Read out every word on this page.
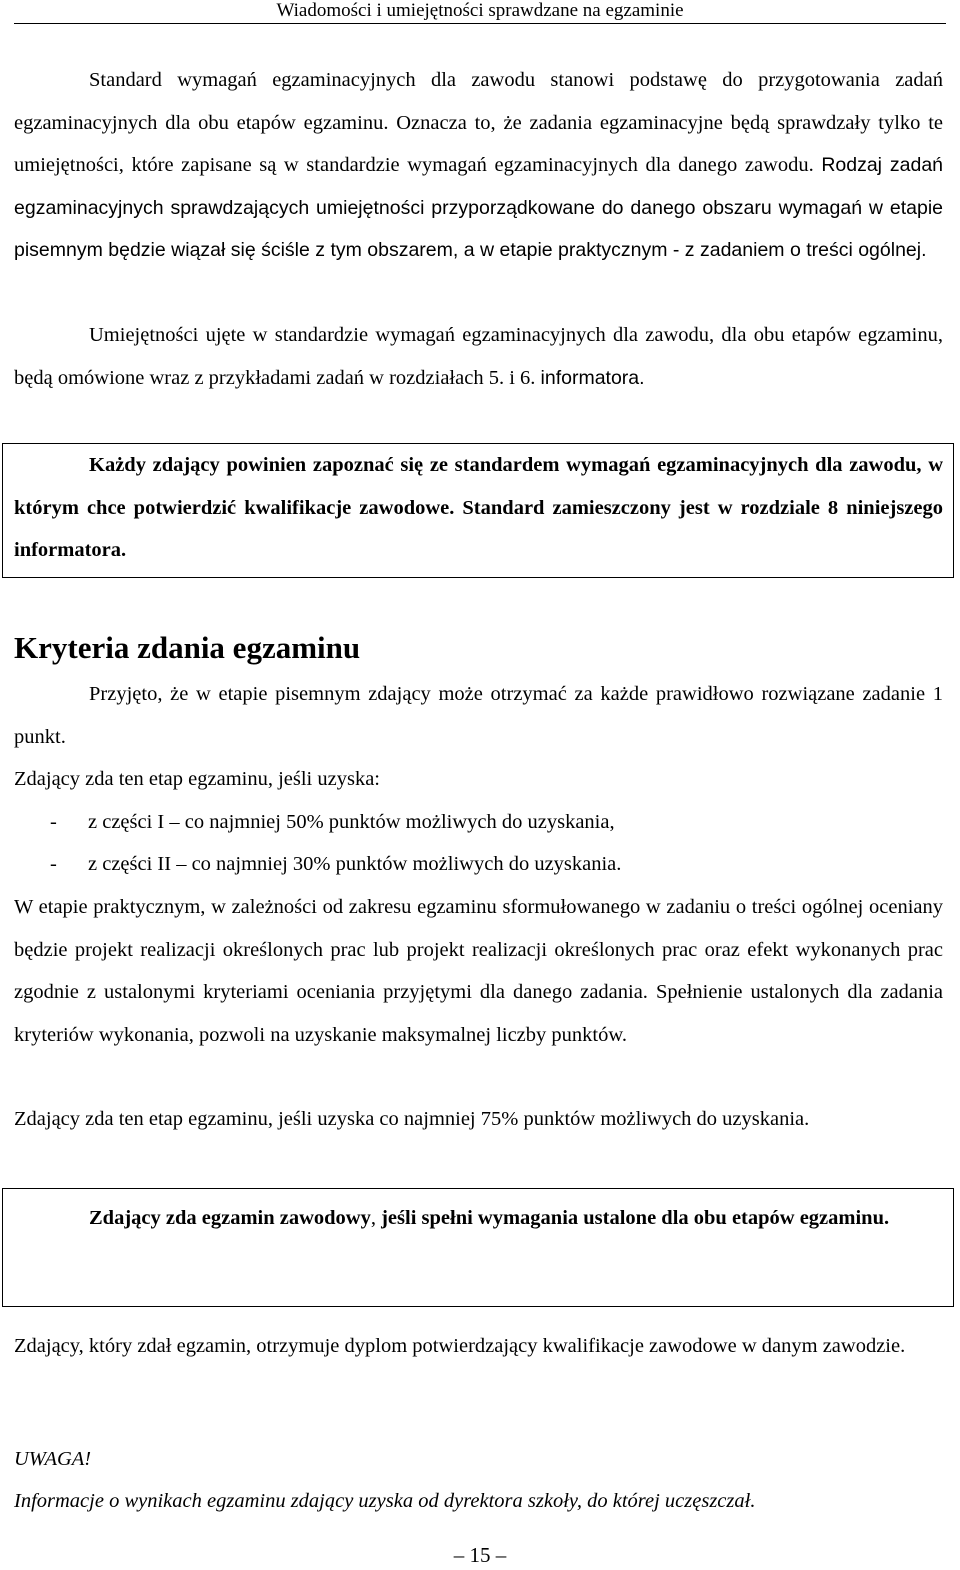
Wiadomości i umiejętności sprawdzane na egzaminie

Standard wymagań egzaminacyjnych dla zawodu stanowi podstawę do przygotowania zadań egzaminacyjnych dla obu etapów egzaminu. Oznacza to, że zadania egzaminacyjne będą sprawdzały tylko te umiejętności, które zapisane są w standardzie wymagań egzaminacyjnych dla danego zawodu. Rodzaj zadań egzaminacyjnych sprawdzających umiejętności przyporządkowane do danego obszaru wymagań w etapie pisemnym będzie wiązał się ściśle z tym obszarem, a w etapie praktycznym - z zadaniem o treści ogólnej.

Umiejętności ujęte w standardzie wymagań egzaminacyjnych dla zawodu, dla obu etapów egzaminu, będą omówione wraz z przykładami zadań w rozdziałach 5. i 6. informatora.

Każdy zdający powinien zapoznać się ze standardem wymagań egzaminacyjnych dla zawodu, w którym chce potwierdzić kwalifikacje zawodowe. Standard zamieszczony jest w rozdziale 8 niniejszego informatora.
Kryteria zdania egzaminu

Przyjęto, że w etapie pisemnym zdający może otrzymać za każde prawidłowo rozwiązane zadanie 1 punkt.

Zdający zda ten etap egzaminu, jeśli uzyska:

- z części I – co najmniej 50% punktów możliwych do uzyskania,
- z części II – co najmniej 30% punktów możliwych do uzyskania.

W etapie praktycznym, w zależności od zakresu egzaminu sformułowanego w zadaniu o treści ogólnej oceniany będzie projekt realizacji określonych prac lub projekt realizacji określonych prac oraz efekt wykonanych prac zgodnie z ustalonymi kryteriami oceniania przyjętymi dla danego zadania. Spełnienie ustalonych dla zadania kryteriów wykonania, pozwoli na uzyskanie maksymalnej liczby punktów.

Zdający zda ten etap egzaminu, jeśli uzyska co najmniej 75% punktów możliwych do uzyskania.

Zdający zda egzamin zawodowy, jeśli spełni wymagania ustalone dla obu etapów egzaminu.

Zdający, który zdał egzamin, otrzymuje dyplom potwierdzający kwalifikacje zawodowe w danym zawodzie.

UWAGA!

Informacje o wynikach egzaminu zdający uzyska od dyrektora szkoły, do której uczęszczał.

– 15 –
